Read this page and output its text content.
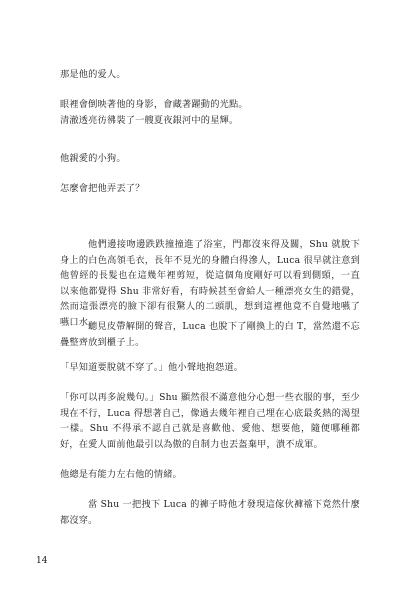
那是他的爱人。

眼裡會倒映著他的身影，會藏著躍動的光點。

清澈透亮彷彿裝了一艘夏夜銀河中的星輝。

他親愛的小狗。

怎麼會把他弄丟了？

他們邊接吻邊跌跌撞撞進了浴室，門都沒來得及關，Shu 就脫下身上的白色高領毛衣，長年不見光的身體白得滲人，Luca 很早就注意到他曾經的長髮也在這幾年裡剪短，從這個角度剛好可以看到側頸，一直以來他都覺得 Shu 非常好看，有時候甚至會給人一種漂亮女生的錯覺，然而這張漂亮的臉下卻有很驚人的二頭肌，想到這裡他竟不自覺地嚥了嚥口水。

聽見皮帶解開的聲音，Luca 也脫下了剛換上的白 T，當然還不忘疊整齊放到櫃子上。

「早知道要脫就不穿了。」他小聲地抱怨道。

「你可以再多說幾句。」Shu 顯然很不滿意他分心想一些衣服的事，至少現在不行，Luca 得想著自己，像過去幾年裡自己埋在心底最炙熱的渴望一樣。Shu 不得承不認自己就是喜歡他、愛他、想要他，隨便哪種都好，在愛人面前他最引以為傲的自制力也丟盔棄甲，潰不成軍。

他總是有能力左右他的情緒。

當 Shu 一把拽下 Luca 的褲子時他才發現這傢伙褲襠下竟然什麼都沒穿。

14
